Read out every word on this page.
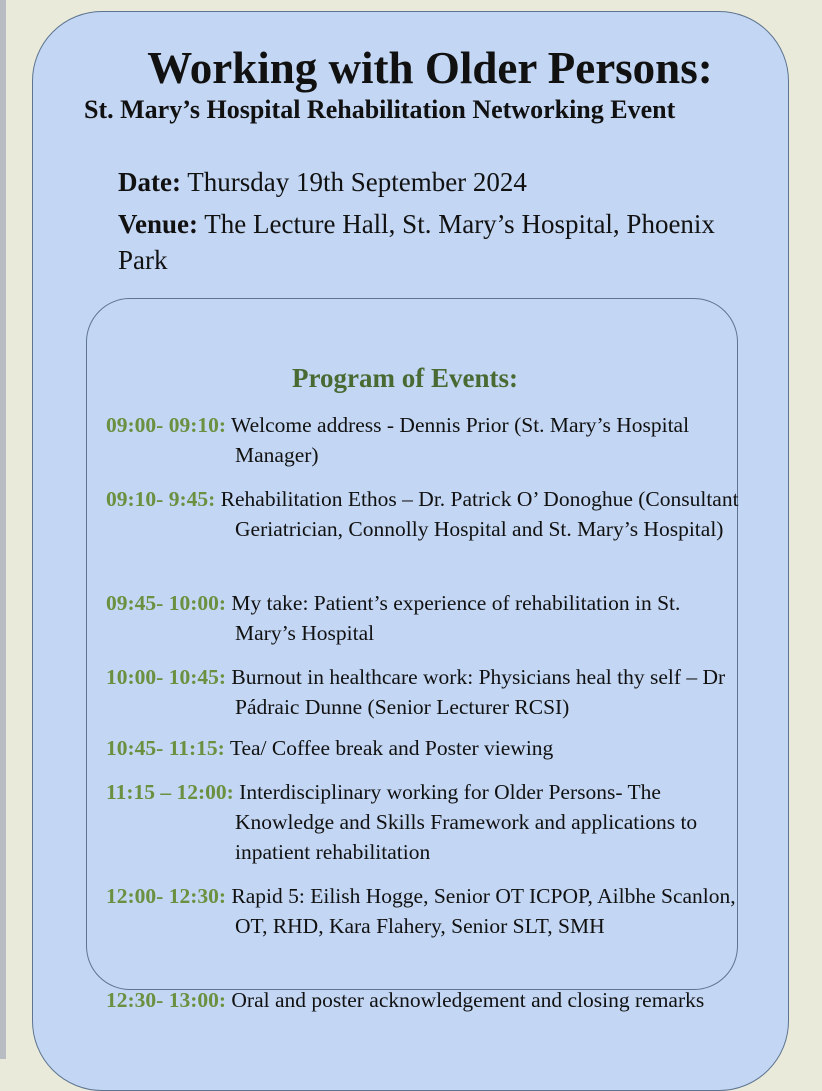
Working with Older Persons:
St. Mary’s Hospital Rehabilitation Networking Event
Date: Thursday 19th September 2024
Venue: The Lecture Hall, St. Mary’s Hospital, Phoenix Park
Program of Events:
09:00- 09:10: Welcome address - Dennis Prior (St. Mary’s Hospital Manager)
09:10- 9:45: Rehabilitation Ethos – Dr. Patrick O’ Donoghue (Consultant Geriatrician, Connolly Hospital and St. Mary’s Hospital)
09:45- 10:00: My take: Patient’s experience of rehabilitation in St. Mary’s Hospital
10:00- 10:45: Burnout in healthcare work: Physicians heal thy self – Dr Pádraic Dunne (Senior Lecturer RCSI)
10:45- 11:15: Tea/ Coffee break and Poster viewing
11:15 – 12:00: Interdisciplinary working for Older Persons- The Knowledge and Skills Framework and applications to inpatient rehabilitation
12:00- 12:30: Rapid 5: Eilish Hogge, Senior OT ICPOP, Ailbhe Scanlon, OT, RHD, Kara Flahery, Senior SLT, SMH
12:30- 13:00: Oral and poster acknowledgement and closing remarks
